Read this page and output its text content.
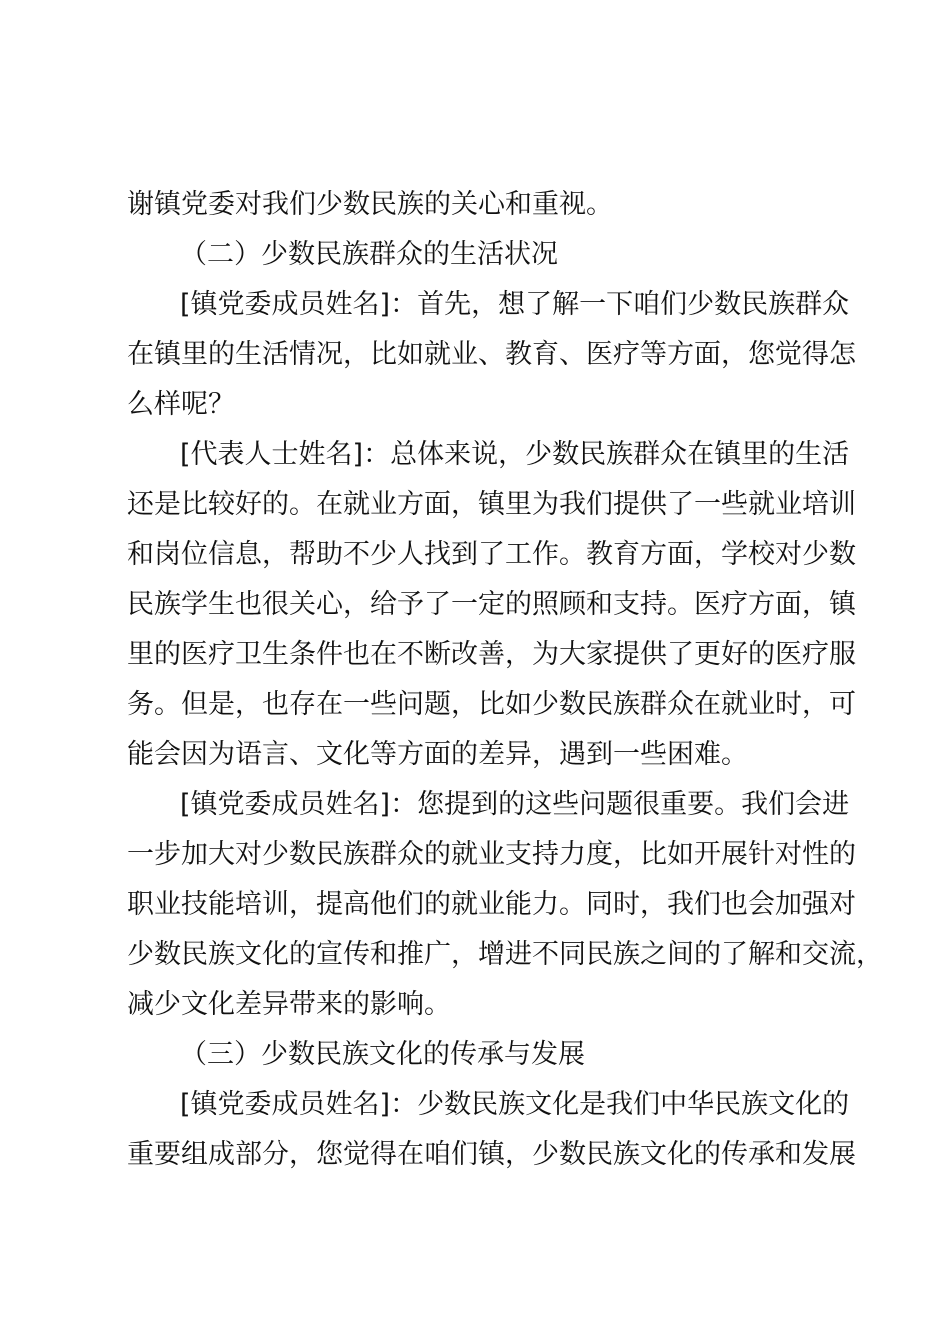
谢镇党委对我们少数民族的关心和重视。
（二）少数民族群众的生活状况
[镇党委成员姓名]：首先，想了解一下咱们少数民族群众
在镇里的生活情况，比如就业、教育、医疗等方面，您觉得怎
么样呢？
[代表人士姓名]：总体来说，少数民族群众在镇里的生活
还是比较好的。在就业方面，镇里为我们提供了一些就业培训
和岗位信息，帮助不少人找到了工作。教育方面，学校对少数
民族学生也很关心，给予了一定的照顾和支持。医疗方面，镇
里的医疗卫生条件也在不断改善，为大家提供了更好的医疗服
务。但是，也存在一些问题，比如少数民族群众在就业时，可
能会因为语言、文化等方面的差异，遇到一些困难。
[镇党委成员姓名]：您提到的这些问题很重要。我们会进
一步加大对少数民族群众的就业支持力度，比如开展针对性的
职业技能培训，提高他们的就业能力。同时，我们也会加强对
少数民族文化的宣传和推广，增进不同民族之间的了解和交流，
减少文化差异带来的影响。
（三）少数民族文化的传承与发展
[镇党委成员姓名]：少数民族文化是我们中华民族文化的
重要组成部分，您觉得在咱们镇，少数民族文化的传承和发展
